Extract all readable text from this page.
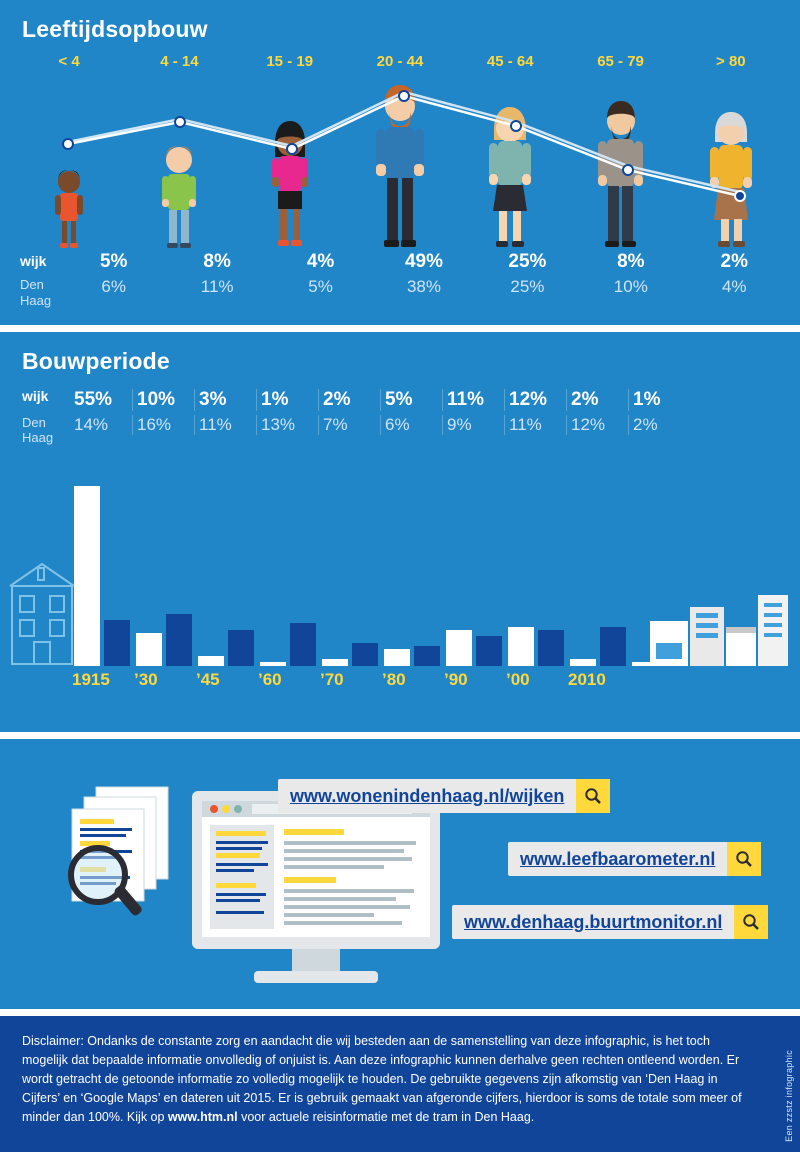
Leeftijdsopbouw
< 4	4 - 14	15 - 19	20 - 44	45 - 64	65 - 79	> 80
wijk	5%	8%	4%	49%	25%	8%	2%
Den
Haag
6%	11%	5%	38%	25%	10%	4%
Bouwperiode
wijk	55%	10%	3%	1%	2%	5%	11%	12%	2%	1%
Den
Haag
14%	16%	11%	13%	7%	6%	9%	11%	12%	2%
1915	’30	’45	’60	’70	’80	’90	’00	2010
www.wonenindenhaag.nl/wijken
www.leefbaarometer.nl
www.denhaag.buurtmonitor.nl

Disclaimer: Ondanks de constante zorg en aandacht die wij besteden aan de samenstelling van deze infographic, is het toch mogelijk dat bepaalde informatie onvolledig of onjuist is. Aan deze infographic kunnen derhalve geen rechten ontleend worden. Er wordt getracht de getoonde informatie zo volledig mogelijk te houden. De gebruikte gegevens zijn afkomstig van ‘Den Haag in Cijfers’ en ‘Google Maps’ en dateren uit 2015. Er is gebruik gemaakt van afgeronde cijfers, hierdoor is soms de totale som meer of minder dan 100%. Kijk op www.htm.nl voor actuele reisinformatie met de tram in Den Haag.	Een zzstz infographic
